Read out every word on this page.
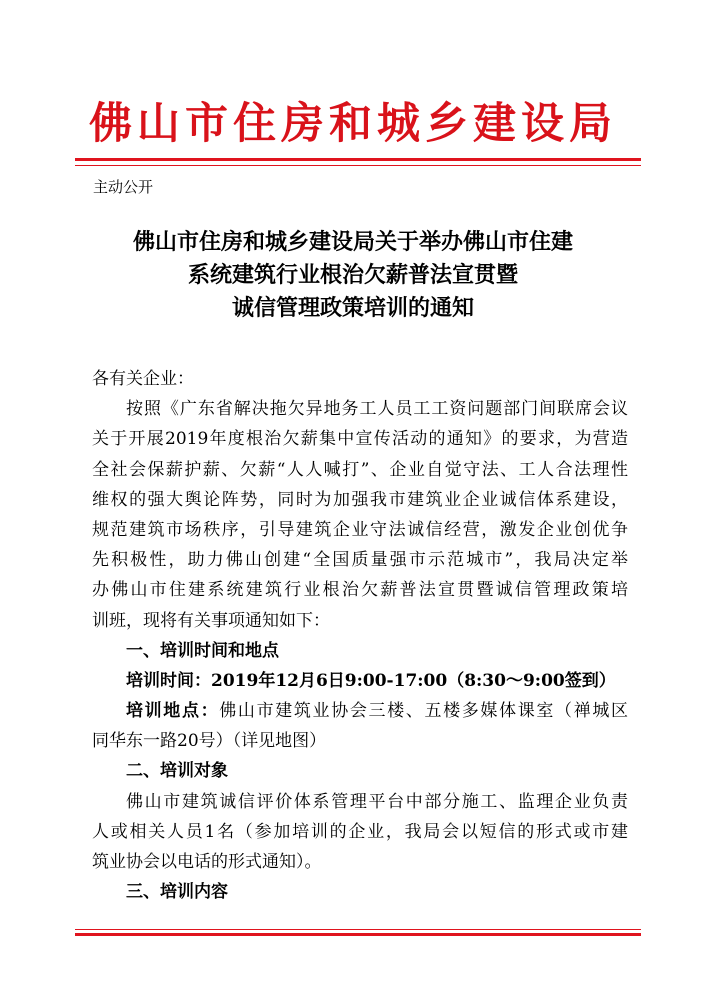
佛山市住房和城乡建设局
主动公开
佛山市住房和城乡建设局关于举办佛山市住建
系统建筑行业根治欠薪普法宣贯暨
诚信管理政策培训的通知
各有关企业：
按照《广东省解决拖欠异地务工人员工工资问题部门间联席会议
关于开展2019年度根治欠薪集中宣传活动的通知》的要求，为营造
全社会保薪护薪、欠薪“人人喊打”、企业自觉守法、工人合法理性
维权的强大舆论阵势，同时为加强我市建筑业企业诚信体系建设，
规范建筑市场秩序，引导建筑企业守法诚信经营，激发企业创优争
先积极性，助力佛山创建“全国质量强市示范城市”，我局决定举
办佛山市住建系统建筑行业根治欠薪普法宣贯暨诚信管理政策培
训班，现将有关事项通知如下：
一、培训时间和地点
培训时间：2019年12月6日9:00-17:00（8:30～9:00签到）
培训地点：佛山市建筑业协会三楼、五楼多媒体课室（禅城区
同华东一路20号）（详见地图）
二、培训对象
佛山市建筑诚信评价体系管理平台中部分施工、监理企业负责
人或相关人员1名（参加培训的企业，我局会以短信的形式或市建
筑业协会以电话的形式通知）。
三、培训内容
